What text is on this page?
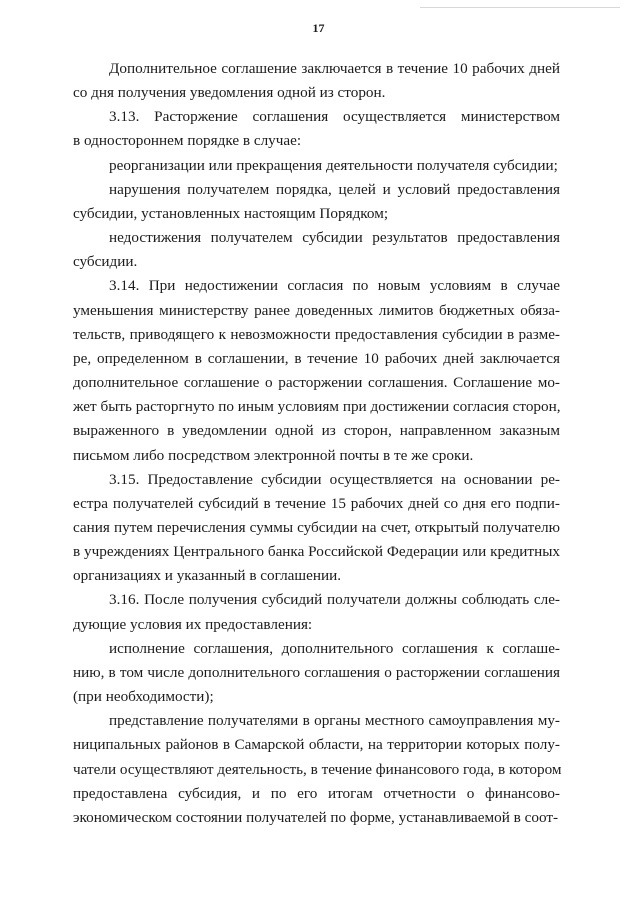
17

Дополнительное соглашение заключается в течение 10 рабочих дней
со дня получения уведомления одной из сторон.

3.13. Расторжение соглашения осуществляется министерством
в одностороннем порядке в случае:

реорганизации или прекращения деятельности получателя субсидии;

нарушения получателем порядка, целей и условий предоставления
субсидии, установленных настоящим Порядком;

недостижения получателем субсидии результатов предоставления
субсидии.

3.14. При недостижении согласия по новым условиям в случае
уменьшения министерству ранее доведенных лимитов бюджетных обяза-
тельств, приводящего к невозможности предоставления субсидии в разме-
ре, определенном в соглашении, в течение 10 рабочих дней заключается
дополнительное соглашение о расторжении соглашения. Соглашение мо-
жет быть расторгнуто по иным условиям при достижении согласия сторон,
выраженного в уведомлении одной из сторон, направленном заказным
письмом либо посредством электронной почты в те же сроки.

3.15. Предоставление субсидии осуществляется на основании ре-
естра получателей субсидий в течение 15 рабочих дней со дня его подпи-
сания путем перечисления суммы субсидии на счет, открытый получателю
в учреждениях Центрального банка Российской Федерации или кредитных
организациях и указанный в соглашении.

3.16. После получения субсидий получатели должны соблюдать сле-
дующие условия их предоставления:

исполнение соглашения, дополнительного соглашения к соглаше-
нию, в том числе дополнительного соглашения о расторжении соглашения
(при необходимости);

представление получателями в органы местного самоуправления му-
ниципальных районов в Самарской области, на территории которых полу-
чатели осуществляют деятельность, в течение финансового года, в котором
предоставлена субсидия, и по его итогам отчетности о финансово-
экономическом состоянии получателей по форме, устанавливаемой в соот-
